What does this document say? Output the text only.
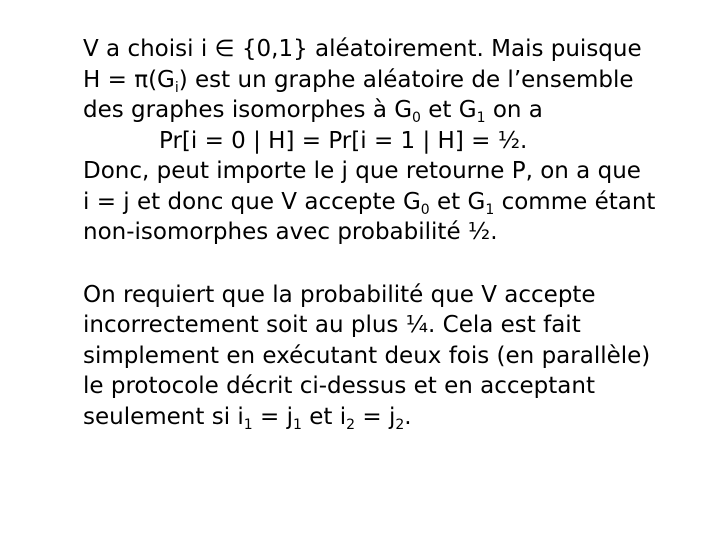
V a choisi i ∈ {0,1} aléatoirement. Mais puisque
$H = \pi(G_i)$ est un graphe aléatoire de l’ensemble
des graphes isomorphes à $G_0$ et $G_1$ on a
Pr[i = 0 | H] = Pr[i = 1 | H] = ½.
Donc, peut importe le j que retourne P, on a que
i = j et donc que V accepte $G_0$ et $G_1$ comme étant
non-isomorphes avec probabilité ½.
On requiert que la probabilité que V accepte
incorrectement soit au plus ¼. Cela est fait
simplement en exécutant deux fois (en parallèle)
le protocole décrit ci-dessus et en acceptant
seulement si $i_1 = j_1$ et $i_2 = j_2$.
